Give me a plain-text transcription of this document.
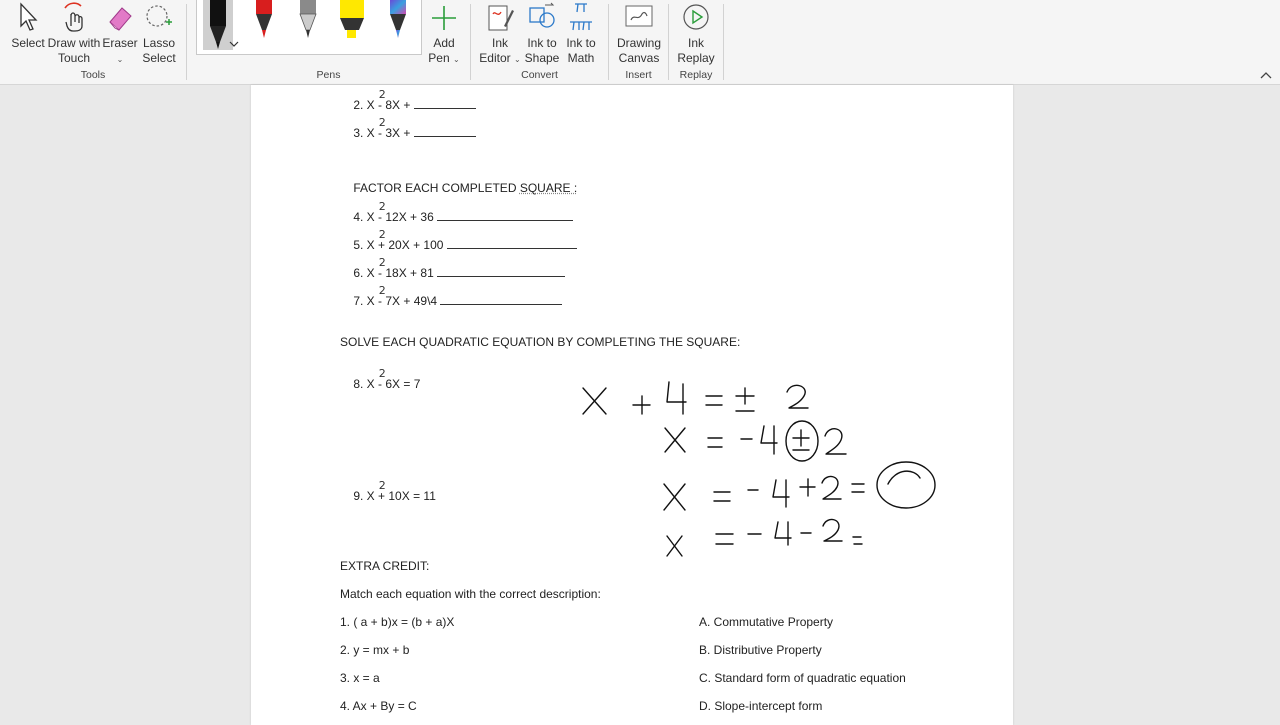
Select Draw with
Touch
Eraser
⌄
Lasso
Select
Tools	Pens
Add
Pen ⌄
Convert
Ink
Editor ⌄
Ink to
Shape
Ink to
Math
Drawing
Canvas
Insert
Ink
Replay
Replay

2. X
2
- 8X +

3. X
2
- 3X +

FACTOR EACH COMPLETED SQUARE :

4. X
2
- 12X + 36

5. X
2
+ 20X + 100

6. X
2
- 18X + 81

7. X
2
- 7X + 49\4

SOLVE EACH QUADRATIC EQUATION BY COMPLETING THE SQUARE:

8. X
2
- 6X = 7

9. X
2
+ 10X = 11

EXTRA CREDIT:
Match each equation with the correct description:
1. ( a + b)x = (b + a)X
2. y = mx + b
3. x = a
4. Ax + By = C
A. Commutative Property
B. Distributive Property
C. Standard form of quadratic equation
D. Slope-intercept form
